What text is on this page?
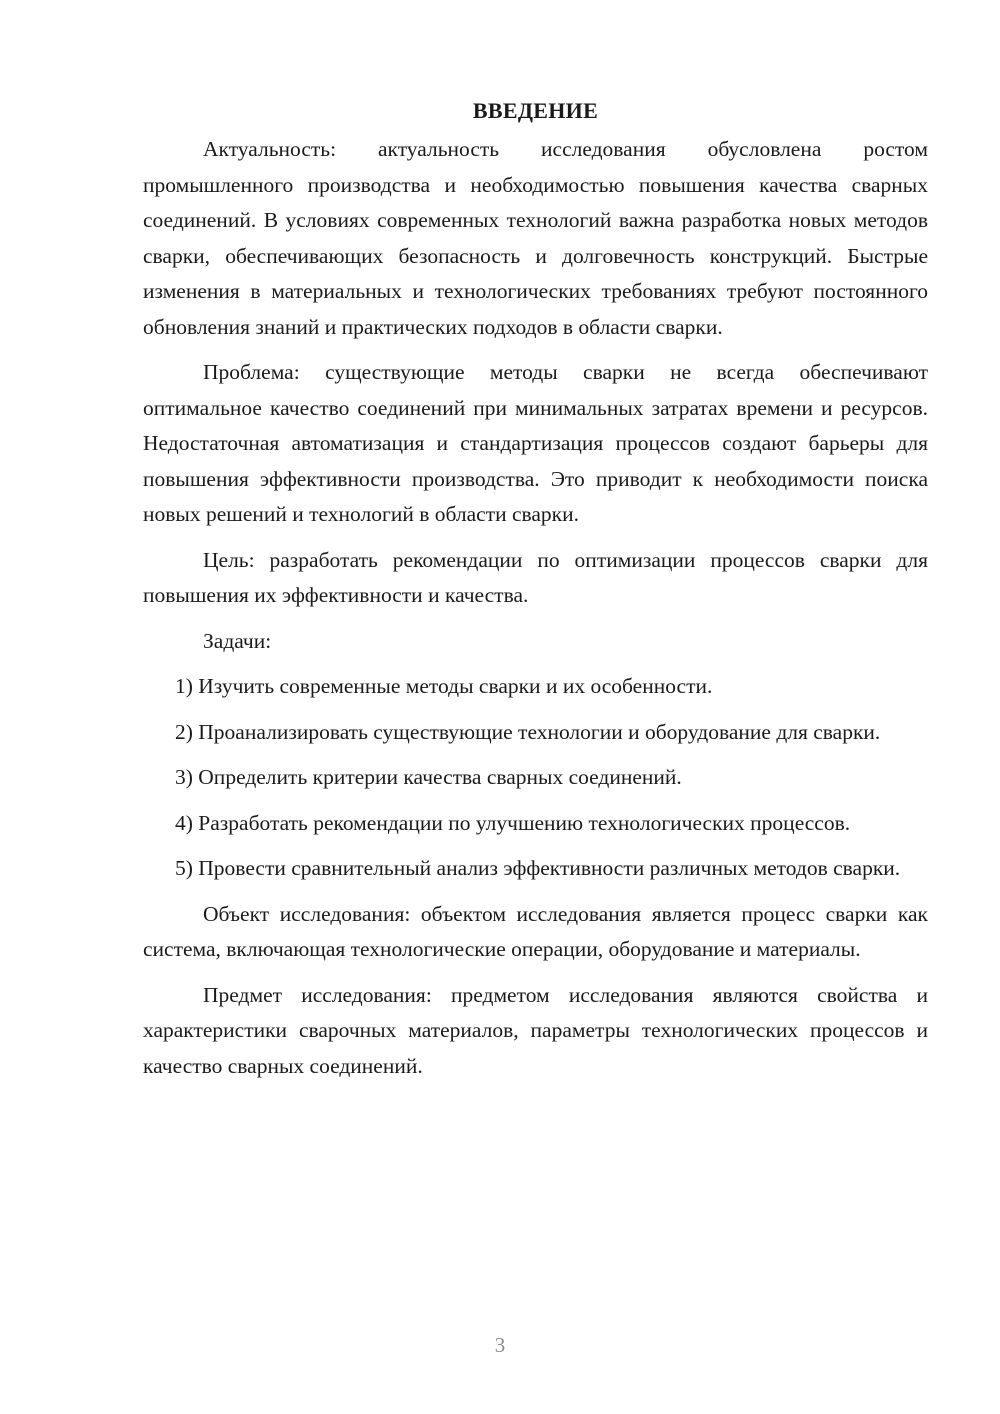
ВВЕДЕНИЕ

Актуальность: актуальность исследования обусловлена ростом промышленного производства и необходимостью повышения качества сварных соединений. В условиях современных технологий важна разработка новых методов сварки, обеспечивающих безопасность и долговечность конструкций. Быстрые изменения в материальных и технологических требованиях требуют постоянного обновления знаний и практических подходов в области сварки.

Проблема: существующие методы сварки не всегда обеспечивают оптимальное качество соединений при минимальных затратах времени и ресурсов. Недостаточная автоматизация и стандартизация процессов создают барьеры для повышения эффективности производства. Это приводит к необходимости поиска новых решений и технологий в области сварки.

Цель: разработать рекомендации по оптимизации процессов сварки для повышения их эффективности и качества.

Задачи:

1) Изучить современные методы сварки и их особенности.

2) Проанализировать существующие технологии и оборудование для сварки.

3) Определить критерии качества сварных соединений.

4) Разработать рекомендации по улучшению технологических процессов.

5) Провести сравнительный анализ эффективности различных методов сварки.

Объект исследования: объектом исследования является процесс сварки как система, включающая технологические операции, оборудование и материалы.

Предмет исследования: предметом исследования являются свойства и характеристики сварочных материалов, параметры технологических процессов и качество сварных соединений.

3
